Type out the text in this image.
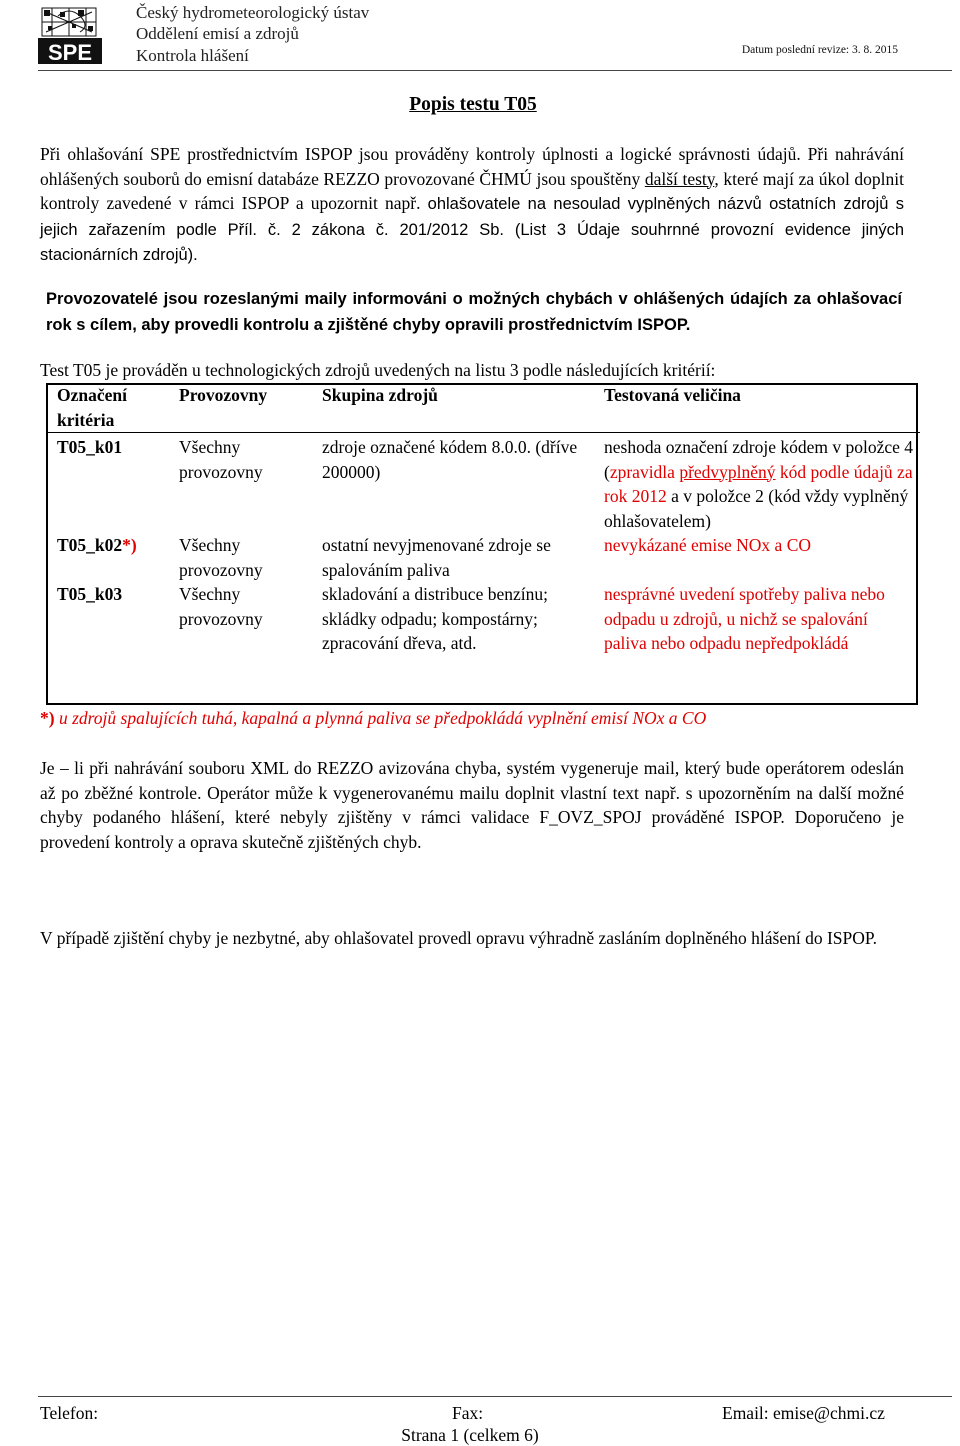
SPE
Český hydrometeorologický ústav
Oddělení emisí a zdrojů
Kontrola hlášení	Datum poslední revize: 3. 8. 2015
Popis testu T05
Při ohlašování SPE prostřednictvím ISPOP jsou prováděny kontroly úplnosti a logické správnosti údajů. Při nahrávání ohlášených souborů do emisní databáze REZZO provozované ČHMÚ jsou spouštěny další testy, které mají za úkol doplnit kontroly zavedené v rámci ISPOP a upozornit např. ohlašovatele na nesoulad vyplněných názvů ostatních zdrojů s jejich zařazením podle Příl. č. 2 zákona č. 201/2012 Sb. (List 3 Údaje souhrnné provozní evidence jiných stacionárních zdrojů).
Provozovatelé jsou rozeslanými maily informováni o možných chybách v ohlášených údajích za ohlašovací rok s cílem, aby provedli kontrolu a zjištěné chyby opravili prostřednictvím ISPOP.
Test T05 je prováděn u technologických zdrojů uvedených na listu 3 podle následujících kritérií:
Označení kritéria	Provozovny	Skupina zdrojů	Testovaná veličina
T05_k01	Všechny provozovny	zdroje označené kódem 8.0.0. (dříve 200000)	neshoda označení zdroje kódem v položce 4 (zpravidla předvyplněný kód podle údajů za rok 2012 a v položce 2 (kód vždy vyplněný ohlašovatelem)
T05_k02*)	Všechny provozovny	ostatní nevyjmenované zdroje se spalováním paliva	nevykázané emise NOx a CO
T05_k03	Všechny provozovny	skladování a distribuce benzínu; skládky odpadu; kompostárny; zpracování dřeva, atd.	nesprávné uvedení spotřeby paliva nebo odpadu u zdrojů, u nichž se spalování paliva nebo odpadu nepředpokládá
*) u zdrojů spalujících tuhá, kapalná a plynná paliva se předpokládá vyplnění emisí NOx a CO
Je – li při nahrávání souboru XML do REZZO avizována chyba, systém vygeneruje mail, který bude operátorem odeslán až po zběžné kontrole. Operátor může k vygenerovanému mailu doplnit vlastní text např. s upozorněním na další možné chyby podaného hlášení, které nebyly zjištěny v rámci validace F_OVZ_SPOJ prováděné ISPOP. Doporučeno je provedení kontroly a oprava skutečně zjištěných chyb.
V případě zjištění chyby je nezbytné, aby ohlašovatel provedl opravu výhradně zasláním doplněného hlášení do ISPOP.
Telefon:	Fax:	Email: emise@chmi.cz
Strana 1 (celkem 6)
